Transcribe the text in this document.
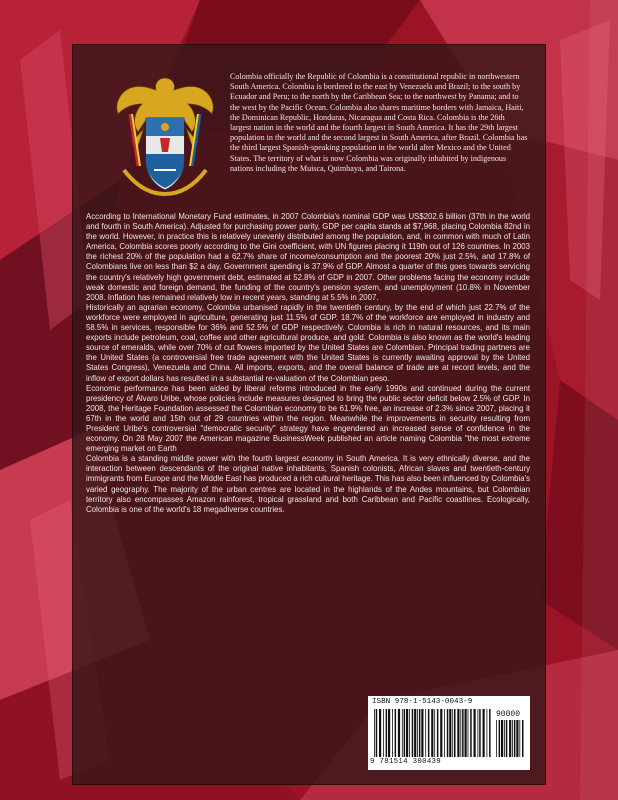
Colombia officially the Republic of Colombia is a constitutional republic in northwestern South America. Colombia is bordered to the east by Venezuela and Brazil; to the south by Ecuador and Peru; to the north by the Caribbean Sea; to the northwest by Panama; and to the west by the Pacific Ocean. Colombia also shares maritime borders with Jamaica, Haiti, the Dominican Republic, Honduras, Nicaragua and Costa Rica. Colombia is the 26th largest nation in the world and the fourth largest in South America. It has the 29th largest population in the world and the second largest in South America, after Brazil. Colombia has the third largest Spanish-speaking population in the world after Mexico and the United States. The territory of what is now Colombia was originally inhabited by indigenous nations including the Muisca, Quimbaya, and Tairona.

According to International Monetary Fund estimates, in 2007 Colombia's nominal GDP was US$202.6 billion (37th in the world and fourth in South America). Adjusted for purchasing power parity, GDP per capita stands at $7,968, placing Colombia 82nd in the world. However, in practice this is relatively unevenly distributed among the population, and, in common with much of Latin America, Colombia scores poorly according to the Gini coefficient, with UN figures placing it 119th out of 126 countries. In 2003 the richest 20% of the population had a 62.7% share of income/consumption and the poorest 20% just 2.5%, and 17.8% of Colombians live on less than $2 a day. Government spending is 37.9% of GDP. Almost a quarter of this goes towards servicing the country's relatively high government debt, estimated at 52.8% of GDP in 2007. Other problems facing the economy include weak domestic and foreign demand, the funding of the country's pension system, and unemployment (10.8% in November 2008. Inflation has remained relatively low in recent years, standing at 5.5% in 2007.

Historically an agrarian economy, Colombia urbanised rapidly in the twentieth century, by the end of which just 22.7% of the workforce were employed in agriculture, generating just 11.5% of GDP. 18.7% of the workforce are employed in industry and 58.5% in services, responsible for 36% and 52.5% of GDP respectively. Colombia is rich in natural resources, and its main exports include petroleum, coal, coffee and other agricultural produce, and gold. Colombia is also known as the world's leading source of emeralds, while over 70% of cut flowers imported by the United States are Colombian. Principal trading partners are the United States (a controversial free trade agreement with the United States is currently awaiting approval by the United States Congress), Venezuela and China. All imports, exports, and the overall balance of trade are at record levels, and the inflow of export dollars has resulted in a substantial re-valuation of the Colombian peso.

Economic performance has been aided by liberal reforms introduced in the early 1990s and continued during the current presidency of Álvaro Uribe, whose policies include measures designed to bring the public sector deficit below 2.5% of GDP. In 2008, the Heritage Foundation assessed the Colombian economy to be 61.9% free, an increase of 2.3% since 2007, placing it 67th in the world and 15th out of 29 countries within the region. Meanwhile the improvements in security resulting from President Uribe's controversial "democratic security" strategy have engendered an increased sense of confidence in the economy. On 28 May 2007 the American magazine BusinessWeek published an article naming Colombia "the most extreme emerging market on Earth

Colombia is a standing middle power with the fourth largest economy in South America. It is very ethnically diverse, and the interaction between descendants of the original native inhabitants, Spanish colonists, African slaves and twentieth-century immigrants from Europe and the Middle East has produced a rich cultural heritage. This has also been influenced by Colombia's varied geography. The majority of the urban centres are located in the highlands of the Andes mountains, but Colombian territory also encompasses Amazon rainforest, tropical grassland and both Caribbean and Pacific coastlines. Ecologically, Colombia is one of the world's 18 megadiverse countries.

ISBN 978-1-5143-0043-9
90000
9 781514 300439
